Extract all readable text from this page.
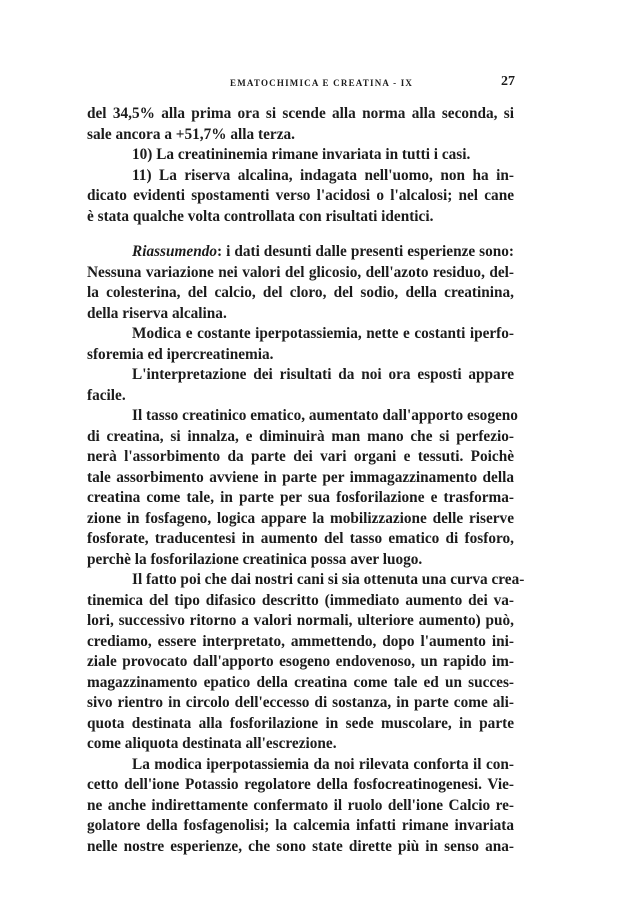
EMATOCHIMICA E CREATINA - IX	27
del 34,5% alla prima ora si scende alla norma alla seconda, si
sale ancora a +51,7% alla terza.
10) La creatininemia rimane invariata in tutti i casi.
11) La riserva alcalina, indagata nell'uomo, non ha in-
dicato evidenti spostamenti verso l'acidosi o l'alcalosi; nel cane
è stata qualche volta controllata con risultati identici.
Riassumendo: i dati desunti dalle presenti esperienze sono:
Nessuna variazione nei valori del glicosio, dell'azoto residuo, del-
la colesterina, del calcio, del cloro, del sodio, della creatinina,
della riserva alcalina.
Modica e costante iperpotassiemia, nette e costanti iperfo-
sforemia ed ipercreatinemia.
L'interpretazione dei risultati da noi ora esposti appare
facile.
Il tasso creatinico ematico, aumentato dall'apporto esogeno
di creatina, si innalza, e diminuirà man mano che si perfezio-
nerà l'assorbimento da parte dei vari organi e tessuti. Poichè
tale assorbimento avviene in parte per immagazzinamento della
creatina come tale, in parte per sua fosforilazione e trasforma-
zione in fosfageno, logica appare la mobilizzazione delle riserve
fosforate, traducentesi in aumento del tasso ematico di fosforo,
perchè la fosforilazione creatinica possa aver luogo.
Il fatto poi che dai nostri cani si sia ottenuta una curva crea-
tinemica del tipo difasico descritto (immediato aumento dei va-
lori, successivo ritorno a valori normali, ulteriore aumento) può,
crediamo, essere interpretato, ammettendo, dopo l'aumento ini-
ziale provocato dall'apporto esogeno endovenoso, un rapido im-
magazzinamento epatico della creatina come tale ed un succes-
sivo rientro in circolo dell'eccesso di sostanza, in parte come ali-
quota destinata alla fosforilazione in sede muscolare, in parte
come aliquota destinata all'escrezione.
La modica iperpotassiemia da noi rilevata conforta il con-
cetto dell'ione Potassio regolatore della fosfocreatinogenesi. Vie-
ne anche indirettamente confermato il ruolo dell'ione Calcio re-
golatore della fosfagenolisi; la calcemia infatti rimane invariata
nelle nostre esperienze, che sono state dirette più in senso ana-
